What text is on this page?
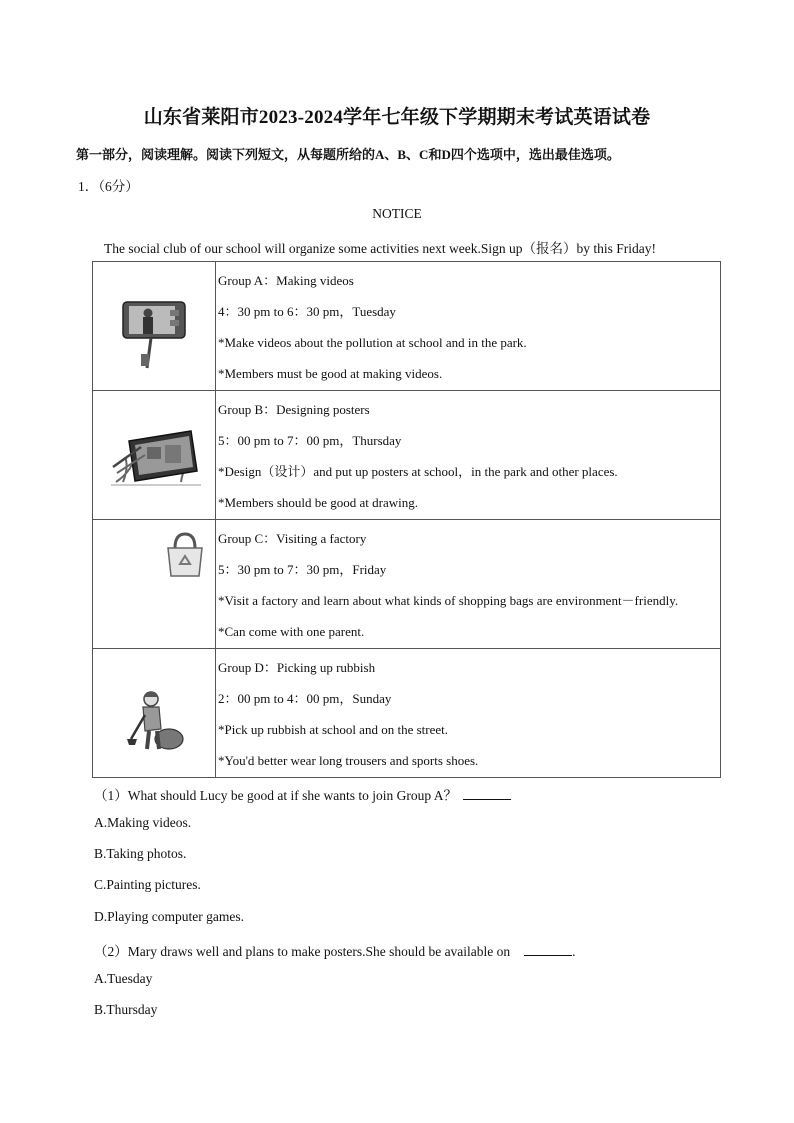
山东省莱阳市2023-2024学年七年级下学期期末考试英语试卷
第一部分，阅读理解。阅读下列短文，从每题所给的A、B、C和D四个选项中，选出最佳选项。
1．（6分）
NOTICE
The social club of our school will organize some activities next week.Sign up（报名）by this Friday!

Group A：Making videos
4：30 pm to 6：30 pm，Tuesday
*Make videos about the pollution at school and in the park.
*Members must be good at making videos.

Group B：Designing posters
5：00 pm to 7：00 pm，Thursday
*Design（设计）and put up posters at school，in the park and other places.
*Members should be good at drawing.

Group C：Visiting a factory
5：30 pm to 7：30 pm，Friday
*Visit a factory and learn about what kinds of shopping bags are environment－friendly.
*Can come with one parent.

Group D：Picking up rubbish
2：00 pm to 4：00 pm，Sunday
*Pick up rubbish at school and on the street.
*You'd better wear long trousers and sports shoes.
（1）What should Lucy be good at if she wants to join Group A？
A.Making videos.
B.Taking photos.
C.Painting pictures.
D.Playing computer games.
（2）Mary draws well and plans to make posters.She should be available on	.
A.Tuesday
B.Thursday
